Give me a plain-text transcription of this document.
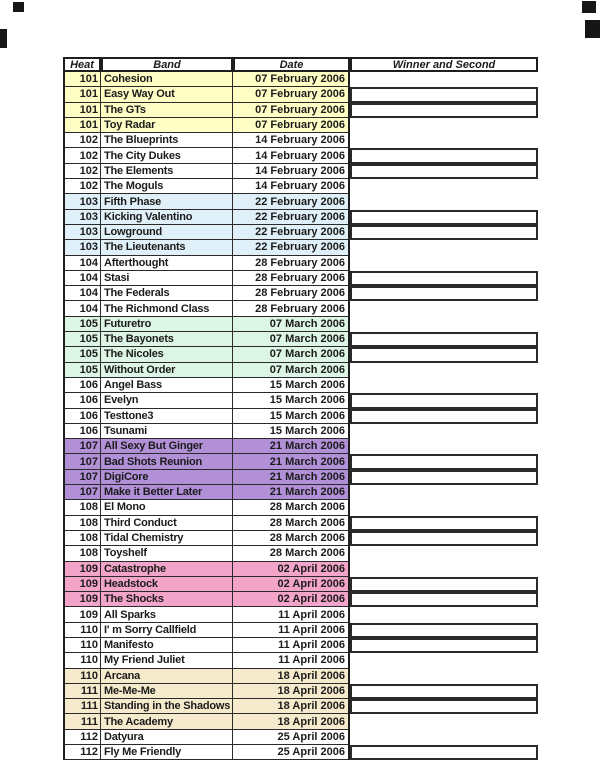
Heat	Band	Date	Winner and Second
101 Cohesion	07 February 2006
101 Easy Way Out	07 February 2006
101 The GTs	07 February 2006
101 Toy Radar	07 February 2006
102 The Blueprints	14 February 2006
102 The City Dukes	14 February 2006
102 The Elements	14 February 2006
102 The Moguls	14 February 2006
103 Fifth Phase	22 February 2006
103 Kicking Valentino	22 February 2006
103 Lowground	22 February 2006
103 The Lieutenants	22 February 2006
104 Afterthought	28 February 2006
104 Stasi	28 February 2006
104 The Federals	28 February 2006
104 The Richmond Class	28 February 2006
105 Futuretro	07 March 2006
105 The Bayonets	07 March 2006
105 The Nicoles	07 March 2006
105 Without Order	07 March 2006
106 Angel Bass	15 March 2006
106 Evelyn	15 March 2006
106 Testtone3	15 March 2006
106 Tsunami	15 March 2006
107 All Sexy But Ginger	21 March 2006
107 Bad Shots Reunion	21 March 2006
107 DigiCore	21 March 2006
107 Make it Better Later	21 March 2006
108 El Mono	28 March 2006
108 Third Conduct	28 March 2006
108 Tidal Chemistry	28 March 2006
108 Toyshelf	28 March 2006
109 Catastrophe	02 April 2006
109 Headstock	02 April 2006
109 The Shocks	02 April 2006
109 All Sparks	11 April 2006
110 I' m Sorry Callfield	11 April 2006
110 Manifesto	11 April 2006
110 My Friend Juliet	11 April 2006
110 Arcana	18 April 2006
111 Me-Me-Me	18 April 2006
111 Standing in the Shadows	18 April 2006
111 The Academy	18 April 2006
112 Datyura	25 April 2006
112 Fly Me Friendly	25 April 2006
